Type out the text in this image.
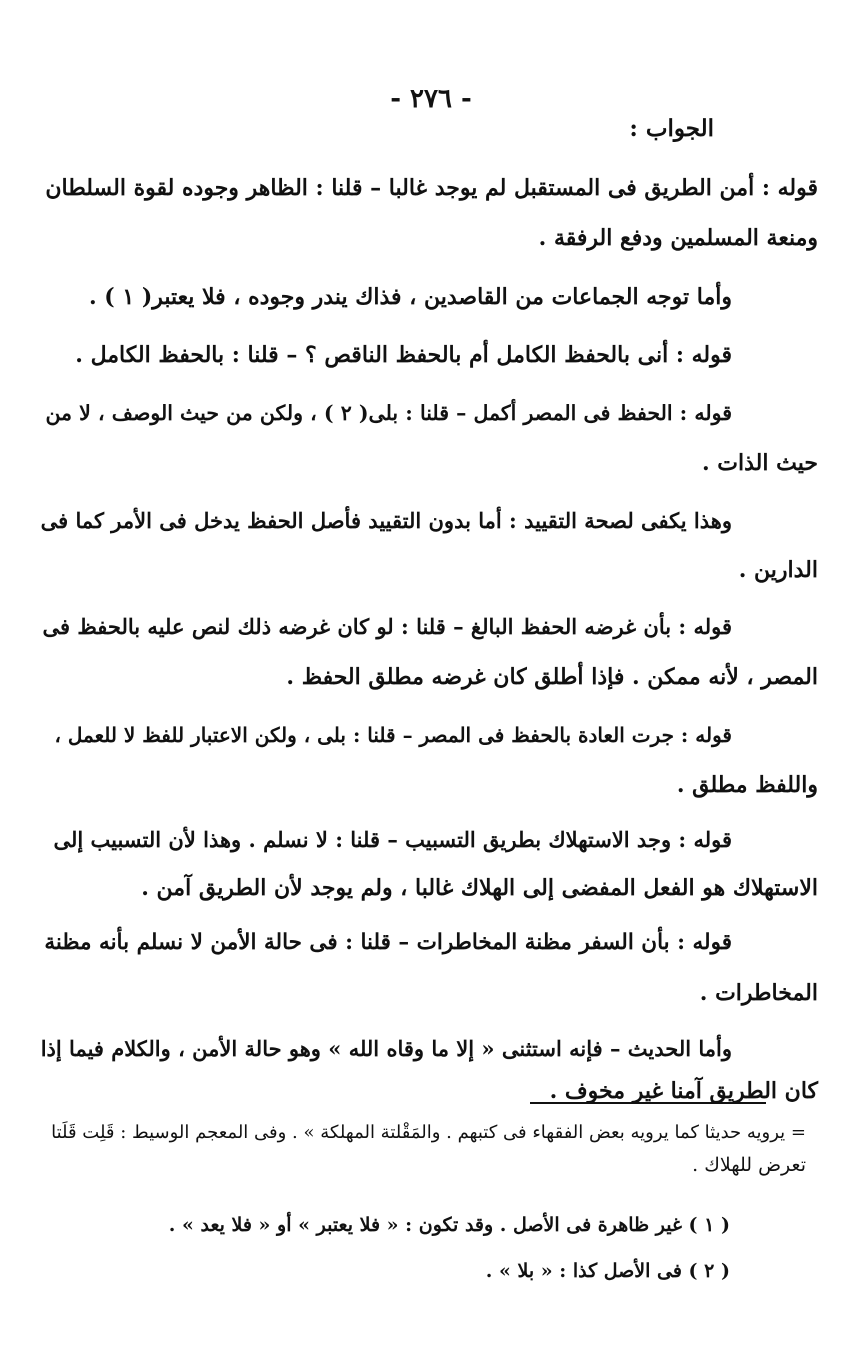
- ٢٧٦ -
الجواب :
قوله : أمن الطريق فى المستقبل لم يوجد غالبا – قلنا : الظاهر وجوده لقوة السلطان
ومنعة المسلمين ودفع الرفقة .
وأما توجه الجماعات من القاصدين ، فذاك يندر وجوده ، فلا يعتبر( ١ ) .
قوله : أنى بالحفظ الكامل أم بالحفظ الناقص ؟ – قلنا : بالحفظ الكامل .
قوله : الحفظ فى المصر أكمل – قلنا : بلى( ٢ ) ، ولكن من حيث الوصف ، لا من
حيث الذات .
وهذا يكفى لصحة التقييد : أما بدون التقييد فأصل الحفظ يدخل فى الأمر كما فى
الدارين .
قوله : بأن غرضه الحفظ البالغ – قلنا : لو كان غرضه ذلك لنص عليه بالحفظ فى
المصر ، لأنه ممكن . فإذا أطلق كان غرضه مطلق الحفظ .
قوله : جرت العادة بالحفظ فى المصر – قلنا : بلى ، ولكن الاعتبار للفظ لا للعمل ،
واللفظ مطلق .
قوله : وجد الاستهلاك بطريق التسبيب – قلنا : لا نسلم . وهذا لأن التسبيب إلى
الاستهلاك هو الفعل المفضى إلى الهلاك غالبا ، ولم يوجد لأن الطريق آمن .
قوله : بأن السفر مظنة المخاطرات – قلنا : فى حالة الأمن لا نسلم بأنه مظنة
المخاطرات .
وأما الحديث – فإنه استثنى « إلا ما وقاه الله » وهو حالة الأمن ، والكلام فيما إذا
كان الطريق آمنا غير مخوف .
= يرويه حديثا كما يرويه بعض الفقهاء فى كتبهم . والمَقْلتة المهلكة » . وفى المعجم الوسيط : قَلِت قَلَتا
تعرض للهلاك .
( ١ ) غير ظاهرة فى الأصل . وقد تكون : « فلا يعتبر » أو « فلا يعد » .
( ٢ ) فى الأصل كذا : « بلا » .
